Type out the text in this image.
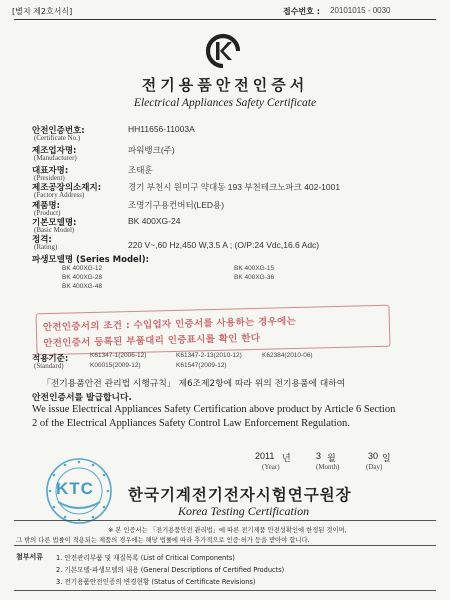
[별지 제2호서식]	접수번호 : 20101015 - 0030
전기용품안전인증서
Electrical Appliances Safety Certificate
안전인증번호:
(Certificate No.)
HH11656-11003A
제조업자명:
(Manufacturer)
파워뱅크(주)
대표자명:
(President)
조태훈
제조공장의소재지:
(Factory Address)
경기 부천시 원미구 약대동 193 부천테크노파크 402-1001
제품명:
(Product)
조명기구용컨버터(LED용)
기본모델명:
(Basic Model)
BK 400XG-24
정격:
(Rating)	220 V~,60 Hz,450 W,3.5 A ; (O/P:24 Vdc,16.6 Adc)
파생모델명 (Series Model):
BK 400XG-12	BK 400XG-15
BK 400XG-28	BK 400XG-36
BK 400XG-48
안전인증서의 조건 : 수입업자 인증서를 사용하는 경우에는
안전인증서 등록된 부품대리 인증표시를 확인 한다
적용기준:
(Standard)
K61347-1(2006-12)	K61347-2-13(2010-12)	K62384(2010-06)
K00015(2009-12)	K61547(2009-12)
「전기용품안전 관리법 시행규칙」 제6조제2항에 따라 위의 전기용품에 대하여
안전인증서를 발급합니다.
We issue Electrical Appliances Safety Certification above product by Article 6 Section
2 of the Electrical Appliances Safety Control Law Enforcement Regulation.
2011 년	3 월	30 일
(Year)	(Month)	(Day)
KTC 한국기계전기전자시험연구원장
Korea Testing Certification
※ 본 인증서는 「전기용품안전 관리법」에 따른 전기제품 안전성확인에 한정된 것이며,
그 밖의 다른 법률이 적용되는 제품의 경우에는 해당 법률에 따라 추가적으로 인증·허가 등을 받아야 합니다.
첨부서류 1. 안전관리부품 및 재질목록 (List of Critical Components)
2. 기본모델·파생모델의 내용 (General Descriptions of Certified Products)
3. 전기용품안전인증의 변경현황 (Status of Certificate Revisions)
